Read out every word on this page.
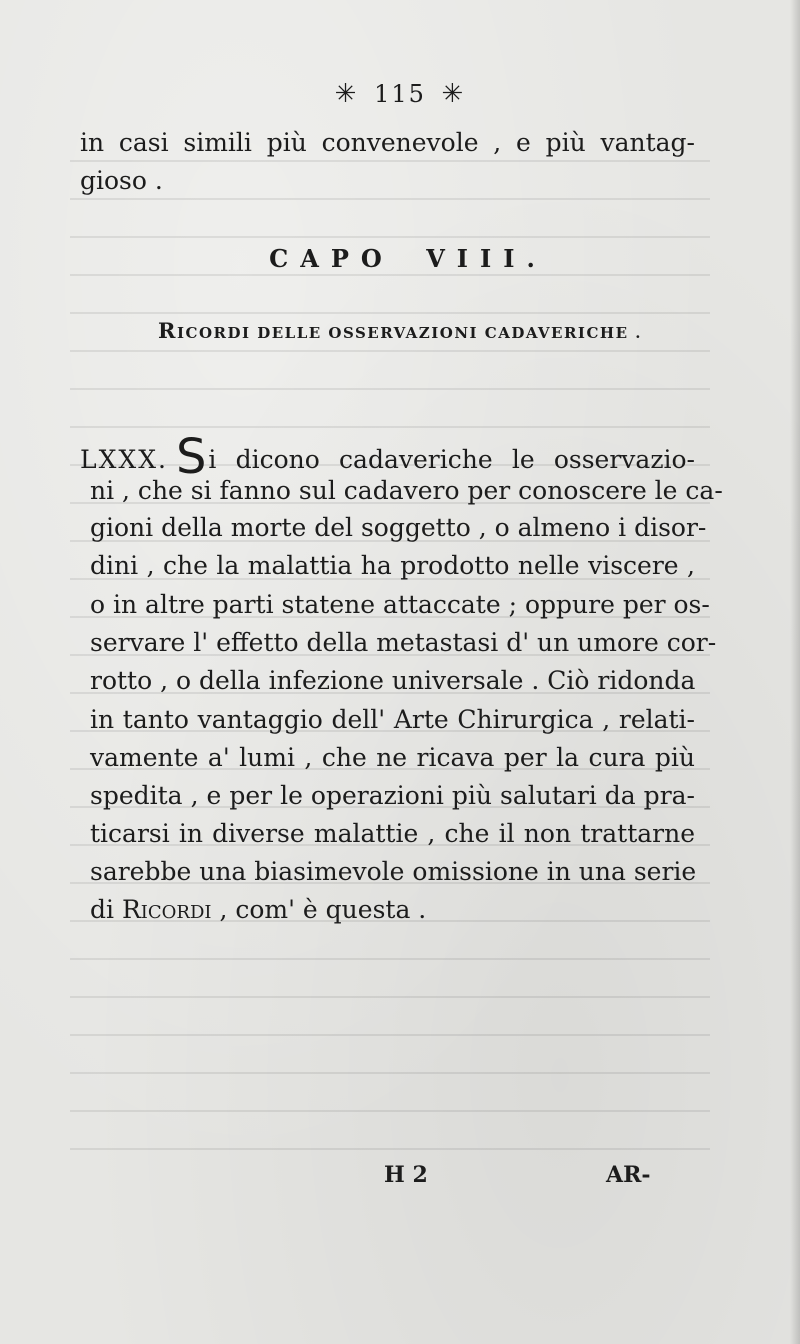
✳ 115 ✳
in casi simili più convenevole , e più vantag-
gioso .
CAPO VIII.
RICORDI DELLE OSSERVAZIONI CADAVERICHE .
LXXX. Si dicono cadaveriche le osservazio-
ni , che si fanno sul cadavero per conoscere le ca-
gioni della morte del soggetto , o almeno i disor-
dini , che la malattia ha prodotto nelle viscere ,
o in altre parti statene attaccate ; oppure per os-
servare l' effetto della metastasi d' un umore cor-
rotto , o della infezione universale . Ciò ridonda
in tanto vantaggio dell' Arte Chirurgica , relati-
vamente a' lumi , che ne ricava per la cura più
spedita , e per le operazioni più salutari da pra-
ticarsi in diverse malattie , che il non trattarne
sarebbe una biasimevole omissione in una serie
di Ricordi , com' è questa .
H 2	AR-
